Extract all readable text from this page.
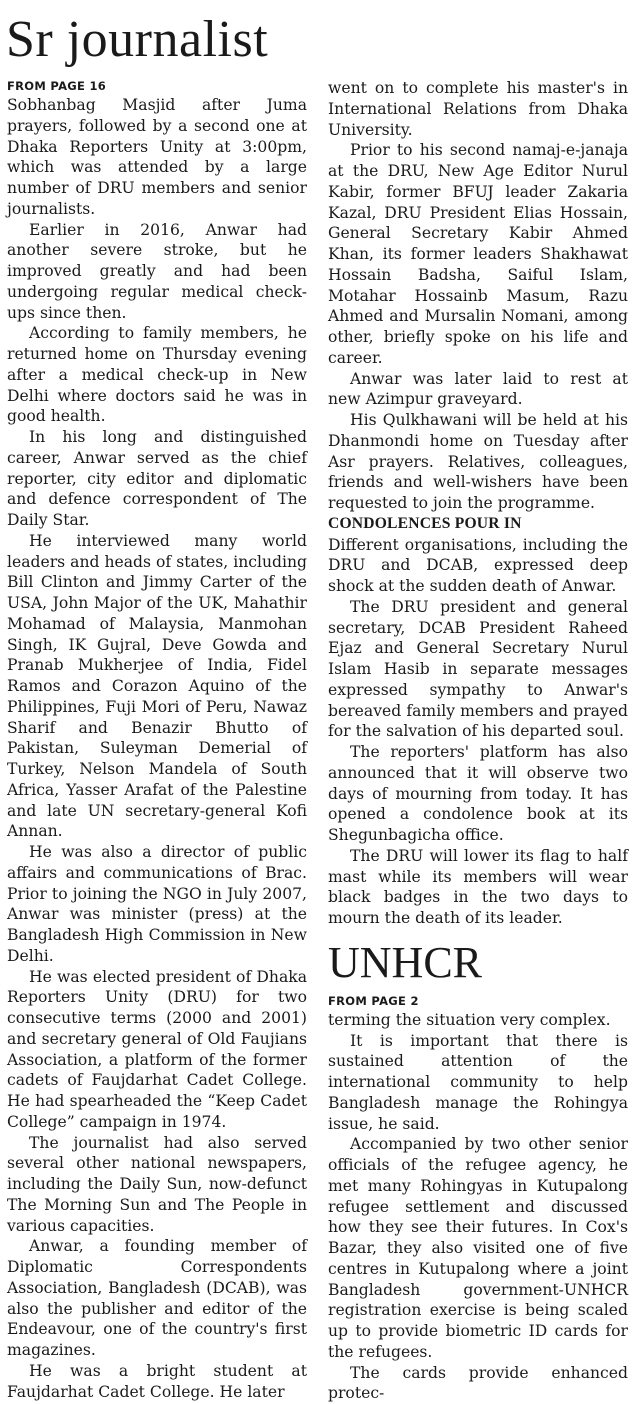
Sr journalist
FROM PAGE 16

Sobhanbag Masjid after Juma prayers, followed by a second one at Dhaka Reporters Unity at 3:00pm, which was attended by a large number of DRU members and senior journalists.

Earlier in 2016, Anwar had another severe stroke, but he improved greatly and had been undergoing regular medical check-ups since then.

According to family members, he returned home on Thursday evening after a medical check-up in New Delhi where doctors said he was in good health.

In his long and distinguished career, Anwar served as the chief reporter, city editor and diplomatic and defence correspondent of The Daily Star.

He interviewed many world leaders and heads of states, including Bill Clinton and Jimmy Carter of the USA, John Major of the UK, Mahathir Mohamad of Malaysia, Manmohan Singh, IK Gujral, Deve Gowda and Pranab Mukherjee of India, Fidel Ramos and Corazon Aquino of the Philippines, Fuji Mori of Peru, Nawaz Sharif and Benazir Bhutto of Pakistan, Suleyman Demerial of Turkey, Nelson Mandela of South Africa, Yasser Arafat of the Palestine and late UN secretary-general Kofi Annan.

He was also a director of public affairs and communications of Brac. Prior to joining the NGO in July 2007, Anwar was minister (press) at the Bangladesh High Commission in New Delhi.

He was elected president of Dhaka Reporters Unity (DRU) for two consecutive terms (2000 and 2001) and secretary general of Old Faujians Association, a platform of the former cadets of Faujdarhat Cadet College. He had spearheaded the “Keep Cadet College” campaign in 1974.

The journalist had also served several other national newspapers, including the Daily Sun, now-defunct The Morning Sun and The People in various capacities.

Anwar, a founding member of Diplomatic Correspondents Association, Bangladesh (DCAB), was also the publisher and editor of the Endeavour, one of the country's first magazines.

He was a bright student at Faujdarhat Cadet College. He later

went on to complete his master's in International Relations from Dhaka University.

Prior to his second namaj-e-janaja at the DRU, New Age Editor Nurul Kabir, former BFUJ leader Zakaria Kazal, DRU President Elias Hossain, General Secretary Kabir Ahmed Khan, its former leaders Shakhawat Hossain Badsha, Saiful Islam, Motahar Hossainb Masum, Razu Ahmed and Mursalin Nomani, among other, briefly spoke on his life and career.

Anwar was later laid to rest at new Azimpur graveyard.

His Qulkhawani will be held at his Dhanmondi home on Tuesday after Asr prayers. Relatives, colleagues, friends and well-wishers have been requested to join the programme.

CONDOLENCES POUR IN

Different organisations, including the DRU and DCAB, expressed deep shock at the sudden death of Anwar.

The DRU president and general secretary, DCAB President Raheed Ejaz and General Secretary Nurul Islam Hasib in separate messages expressed sympathy to Anwar's bereaved family members and prayed for the salvation of his departed soul.

The reporters' platform has also announced that it will observe two days of mourning from today. It has opened a condolence book at its Shegunbagicha office.

The DRU will lower its flag to half mast while its members will wear black badges in the two days to mourn the death of its leader.

UNHCR
FROM PAGE 2

terming the situation very complex.

It is important that there is sustained attention of the international community to help Bangladesh manage the Rohingya issue, he said.

Accompanied by two other senior officials of the refugee agency, he met many Rohingyas in Kutupalong refugee settlement and discussed how they see their futures. In Cox's Bazar, they also visited one of five centres in Kutupalong where a joint Bangladesh government-UNHCR registration exercise is being scaled up to provide biometric ID cards for the refugees.

The cards provide enhanced protec-
